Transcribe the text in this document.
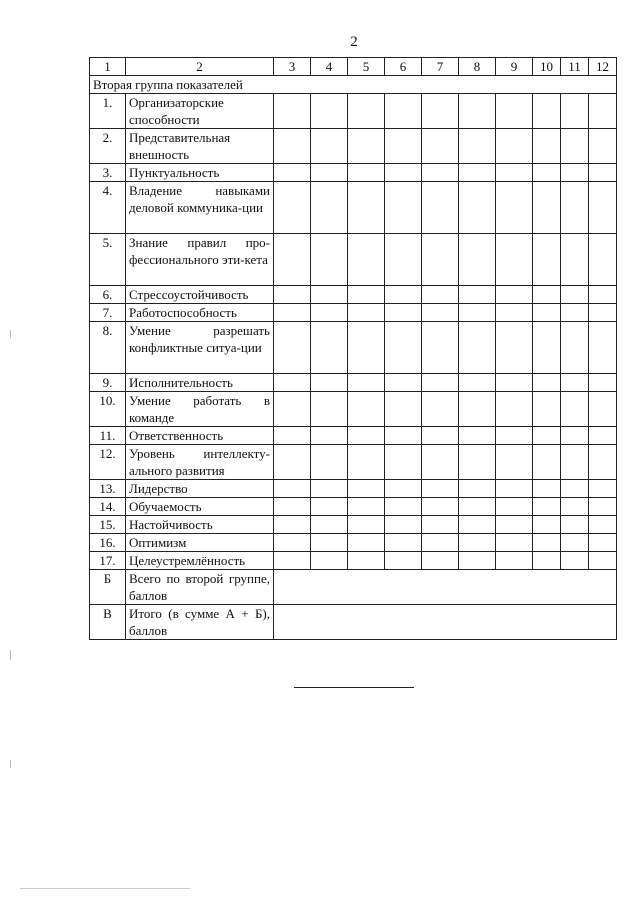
2
1	2	3	4	5	6	7	8	9	10	11	12
Вторая группа показателей											
1.	Организаторские способности										
2.	Представительная внешность										
3.	Пунктуальность										
4.	Владение навыками деловой коммуника-ции										
5.	Знание правил про-фессионального эти-кета										
6.	Стрессоустойчивость										
7.	Работоспособность										
8.	Умение разрешать конфликтные ситуа-ции										
9.	Исполнительность										
10.	Умение работать в команде										
11.	Ответственность										
12.	Уровень интеллекту-ального развития										
13.	Лидерство										
14.	Обучаемость										
15.	Настойчивость										
16.	Оптимизм										
17.	Целеустремлённость										
Б	Всего по второй группе, баллов										
В	Итого (в сумме А + Б), баллов										
